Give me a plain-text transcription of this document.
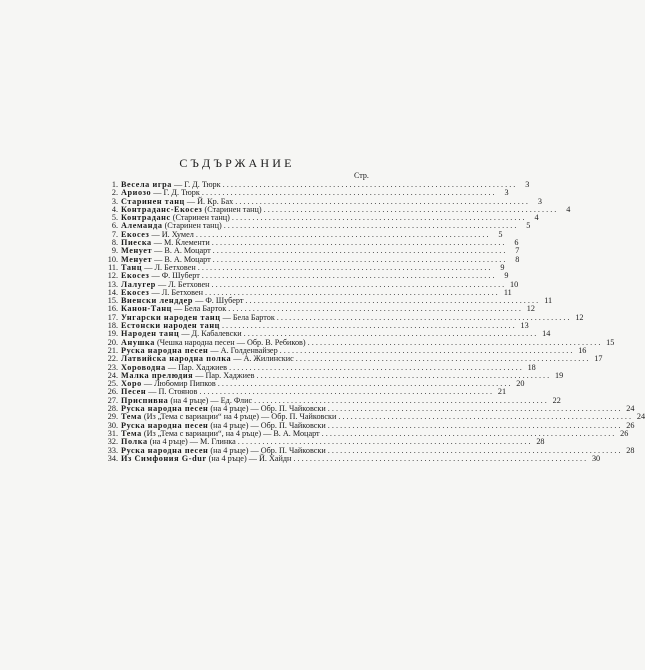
СЪДЪРЖАНИЕ
Стр.
1. Весела игра — Г. Д. Тюрк . . .	3
2. Ариозо — Г. Д. Тюрк . . .	3
3. Старинен танц — Й. Кр. Бах . . .	3
4. Контраданс-Екосез (Старинен танц) . . .	4
5. Контраданс (Старинен танц) . . .	4
6. Алеманда (Старинен танц) . . .	5
7. Екосез — И. Хумел . . .	5
8. Пиеска — М. Клементи . . .	6
9. Менует — В. А. Моцарт . . .	7
10. Менует — В. А. Моцарт . . .	8
11. Танц — Л. Бетховен . . .	9
12. Екосез — Ф. Шуберт . . .	9
13. Лалугер — Л. Бетховен . . .	10
14. Екосез — Л. Бетховен . . .	11
15. Виенски ленддер — Ф. Шуберт . . .	11
16. Канон-Танц — Бела Барток . . .	12
17. Унгарски народен танц — Бела Барток . . .	12
18. Естонски народен танц . . .	13
19. Народен танц — Д. Кабалевски . . .	14
20. Анушка (Чешка народна песен — Обр. В. Ребиков) . . .	15
21. Руска народна песен — А. Голденвайзер . . .	16
22. Латвийска народна полка — А. Жилинскис . . .	17
23. Хороводна — Пар. Хаджиев . . .	18
24. Малка прелюдия — Пар. Хаджиев . . .	19
25. Хоро — Любомир Пипков . . .	20
26. Песен — П. Стоянов . . .	21
27. Приспивна (на 4 ръце) — Ед. Флис . . .	22
28. Руска народна песен (на 4 ръце) — Обр. П. Чайковски . . .	24
29. Тема (Из „Тема с вариации“ на 4 ръце) — Обр. П. Чайковски . . .	24
30. Руска народна песен (на 4 ръце) — Обр. П. Чайковски . . .	26
31. Тема (Из „Тема с вариации“, на 4 ръце) — В. А. Моцарт . . .	26
32. Полка (на 4 ръце) — М. Глинка . . .	28
33. Руска народна песен (на 4 ръце) — Обр. П. Чайковски . . .	28
34. Из Симфония G-dur (на 4 ръце) — Й. Хайдн . . .	30
